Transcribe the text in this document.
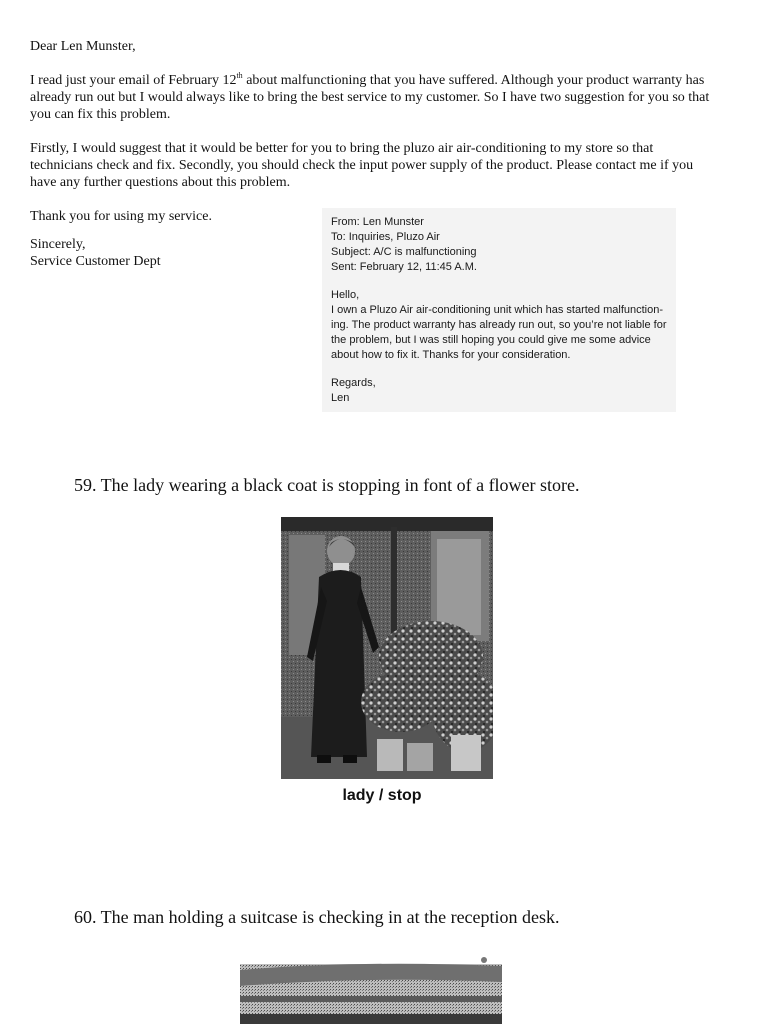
Dear Len Munster,

I read just your email of February 12th about malfunctioning that you have suffered. Although your product warranty has
already run out but I would always like to bring the best service to my customer. So I have two suggestion for you so that
you can fix this problem.

Firstly, I would suggest that it would be better for you to bring the pluzo air air-conditioning to my store so that
technicians check and fix. Secondly, you should check the input power supply of the product. Please contact me if you
have any further questions about this problem.

Thank you for using my service.

Sincerely,

Service Customer Dept

From: Len Munster
To: Inquiries, Pluzo Air
Subject: A/C is malfunctioning
Sent: February 12, 11:45 A.M.
Hello,
I own a Pluzo Air air-conditioning unit which has started malfunction-
ing. The product warranty has already run out, so you’re not liable for
the problem, but I was still hoping you could give me some advice
about how to fix it. Thanks for your consideration.
Regards,
Len
59. The lady wearing a black coat is stopping in font of a flower store.
lady / stop
60. The man holding a suitcase is checking in at the reception desk.
